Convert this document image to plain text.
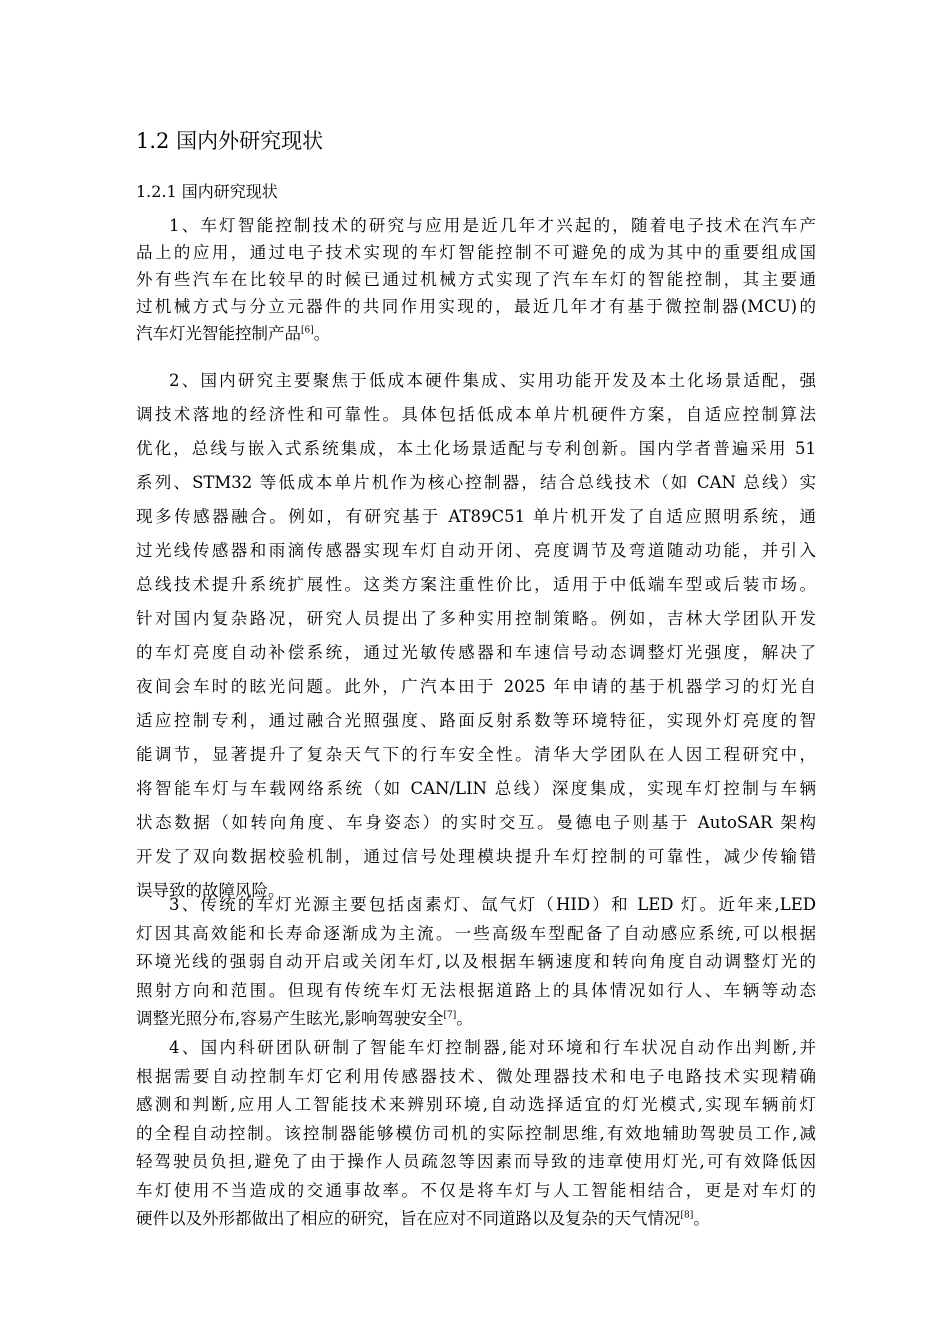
1.2 国内外研究现状
1.2.1 国内研究现状
1、车灯智能控制技术的研究与应用是近几年才兴起的，随着电子技术在汽车产
品上的应用，通过电子技术实现的车灯智能控制不可避免的成为其中的重要组成国
外有些汽车在比较早的时候已通过机械方式实现了汽车车灯的智能控制，其主要通
过机械方式与分立元器件的共同作用实现的，最近几年才有基于微控制器(MCU)的
汽车灯光智能控制产品[6]。
2、国内研究主要聚焦于低成本硬件集成、实用功能开发及本土化场景适配，强
调技术落地的经济性和可靠性。具体包括低成本单片机硬件方案，自适应控制算法
优化，总线与嵌入式系统集成，本土化场景适配与专利创新。国内学者普遍采用 51
系列、STM32 等低成本单片机作为核心控制器，结合总线技术（如 CAN 总线）实
现多传感器融合。例如，有研究基于 AT89C51 单片机开发了自适应照明系统，通
过光线传感器和雨滴传感器实现车灯自动开闭、亮度调节及弯道随动功能，并引入
总线技术提升系统扩展性。这类方案注重性价比，适用于中低端车型或后装市场。
针对国内复杂路况，研究人员提出了多种实用控制策略。例如，吉林大学团队开发
的车灯亮度自动补偿系统，通过光敏传感器和车速信号动态调整灯光强度，解决了
夜间会车时的眩光问题。此外，广汽本田于 2025 年申请的基于机器学习的灯光自
适应控制专利，通过融合光照强度、路面反射系数等环境特征，实现外灯亮度的智
能调节，显著提升了复杂天气下的行车安全性。清华大学团队在人因工程研究中，
将智能车灯与车载网络系统（如 CAN/LIN 总线）深度集成，实现车灯控制与车辆
状态数据（如转向角度、车身姿态）的实时交互。曼德电子则基于 AutoSAR 架构
开发了双向数据校验机制，通过信号处理模块提升车灯控制的可靠性，减少传输错
误导致的故障风险。
3、传统的车灯光源主要包括卤素灯、氙气灯（HID）和 LED 灯。近年来,LED
灯因其高效能和长寿命逐渐成为主流。一些高级车型配备了自动感应系统,可以根据
环境光线的强弱自动开启或关闭车灯,以及根据车辆速度和转向角度自动调整灯光的
照射方向和范围。但现有传统车灯无法根据道路上的具体情况如行人、车辆等动态
调整光照分布,容易产生眩光,影响驾驶安全[7]。
4、国内科研团队研制了智能车灯控制器,能对环境和行车状况自动作出判断,并
根据需要自动控制车灯它利用传感器技术、微处理器技术和电子电路技术实现精确
感测和判断,应用人工智能技术来辨别环境,自动选择适宜的灯光模式,实现车辆前灯
的全程自动控制。该控制器能够模仿司机的实际控制思维,有效地辅助驾驶员工作,减
轻驾驶员负担,避免了由于操作人员疏忽等因素而导致的违章使用灯光,可有效降低因
车灯使用不当造成的交通事故率。不仅是将车灯与人工智能相结合，更是对车灯的
硬件以及外形都做出了相应的研究，旨在应对不同道路以及复杂的天气情况[8]。
